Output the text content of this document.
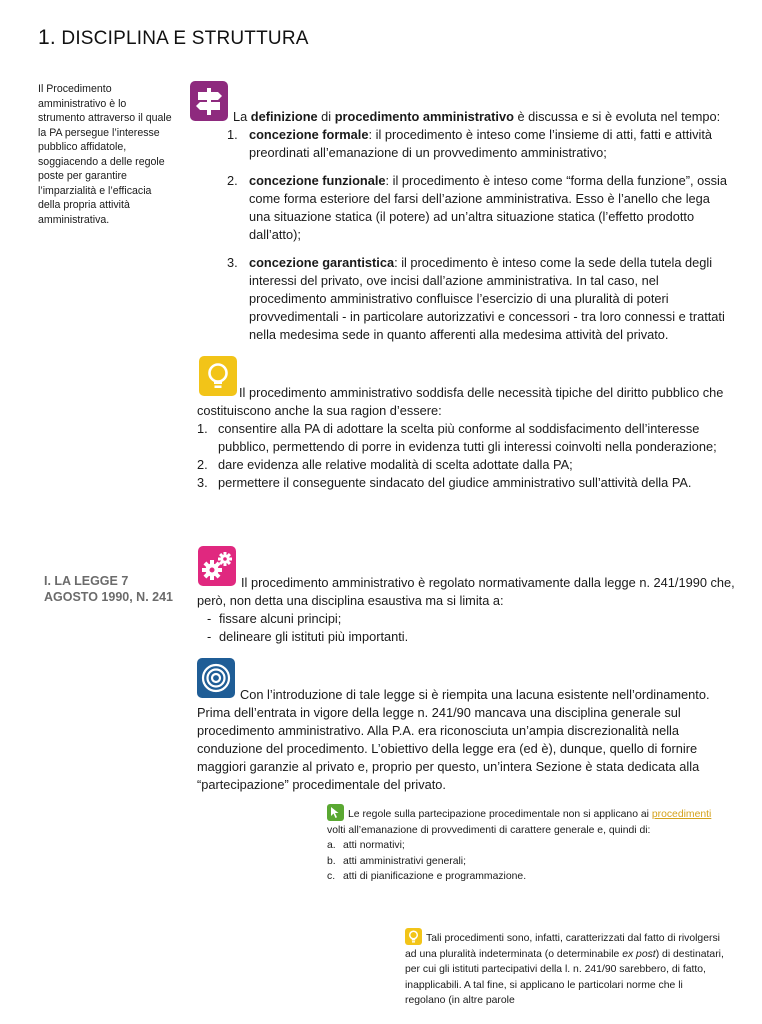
1. DISCIPLINA E STRUTTURA
Il Procedimento amministrativo è lo strumento attraverso il quale la PA persegue l’interesse pubblico affidatole, soggiacendo a delle regole poste per garantire l’imparzialità e l’efficacia della propria attività amministrativa.
I. LA LEGGE 7 AGOSTO 1990, N. 241
La definizione di procedimento amministrativo è discussa e si è evoluta nel tempo:
1. concezione formale: il procedimento è inteso come l’insieme di atti, fatti e attività preordinati all’emanazione di un provvedimento amministrativo;
2. concezione funzionale: il procedimento è inteso come “forma della funzione”, ossia come forma esteriore del farsi dell’azione amministrativa. Esso è l’anello che lega una situazione statica (il potere) ad un’altra situazione statica (l’effetto prodotto dall’atto);
3. concezione garantistica: il procedimento è inteso come la sede della tutela degli interessi del privato, ove incisi dall’azione amministrativa. In tal caso, nel procedimento amministrativo confluisce l’esercizio di una pluralità di poteri provvedimentali - in particolare autorizzativi e concessori - tra loro connessi e trattati nella medesima sede in quanto afferenti alla medesima attività del privato.

Il procedimento amministrativo soddisfa delle necessità tipiche del diritto pubblico che costituiscono anche la sua ragion d’essere:

1. consentire alla PA di adottare la scelta più conforme al soddisfacimento dell’interesse pubblico, permettendo di porre in evidenza tutti gli interessi coinvolti nella ponderazione;
2. dare evidenza alle relative modalità di scelta adottate dalla PA;
3. permettere il conseguente sindacato del giudice amministrativo sull’attività della PA.

Il procedimento amministrativo è regolato normativamente dalla legge n. 241/1990 che, però, non detta una disciplina esaustiva ma si limita a:

- fissare alcuni principi;
- delineare gli istituti più importanti.

Con l’introduzione di tale legge si è riempita una lacuna esistente nell’ordinamento. Prima dell’entrata in vigore della legge n. 241/90 mancava una disciplina generale sul procedimento amministrativo. Alla P.A. era riconosciuta un’ampia discrezionalità nella conduzione del procedimento. L’obiettivo della legge era (ed è), dunque, quello di fornire maggiori garanzie al privato e, proprio per questo, un’intera Sezione è stata dedicata alla “partecipazione” procedimentale del privato.

Le regole sulla partecipazione procedimentale non si applicano ai procedimenti volti all’emanazione di provvedimenti di carattere generale e, quindi di:

a. atti normativi;
b. atti amministrativi generali;
c. atti di pianificazione e programmazione.

Tali procedimenti sono, infatti, caratterizzati dal fatto di rivolgersi ad una pluralità indeterminata (o determinabile ex post) di destinatari, per cui gli istituti partecipativi della l. n. 241/90 sarebbero, di fatto, inapplicabili. A tal fine, si applicano le particolari norme che li regolano (in altre parole
